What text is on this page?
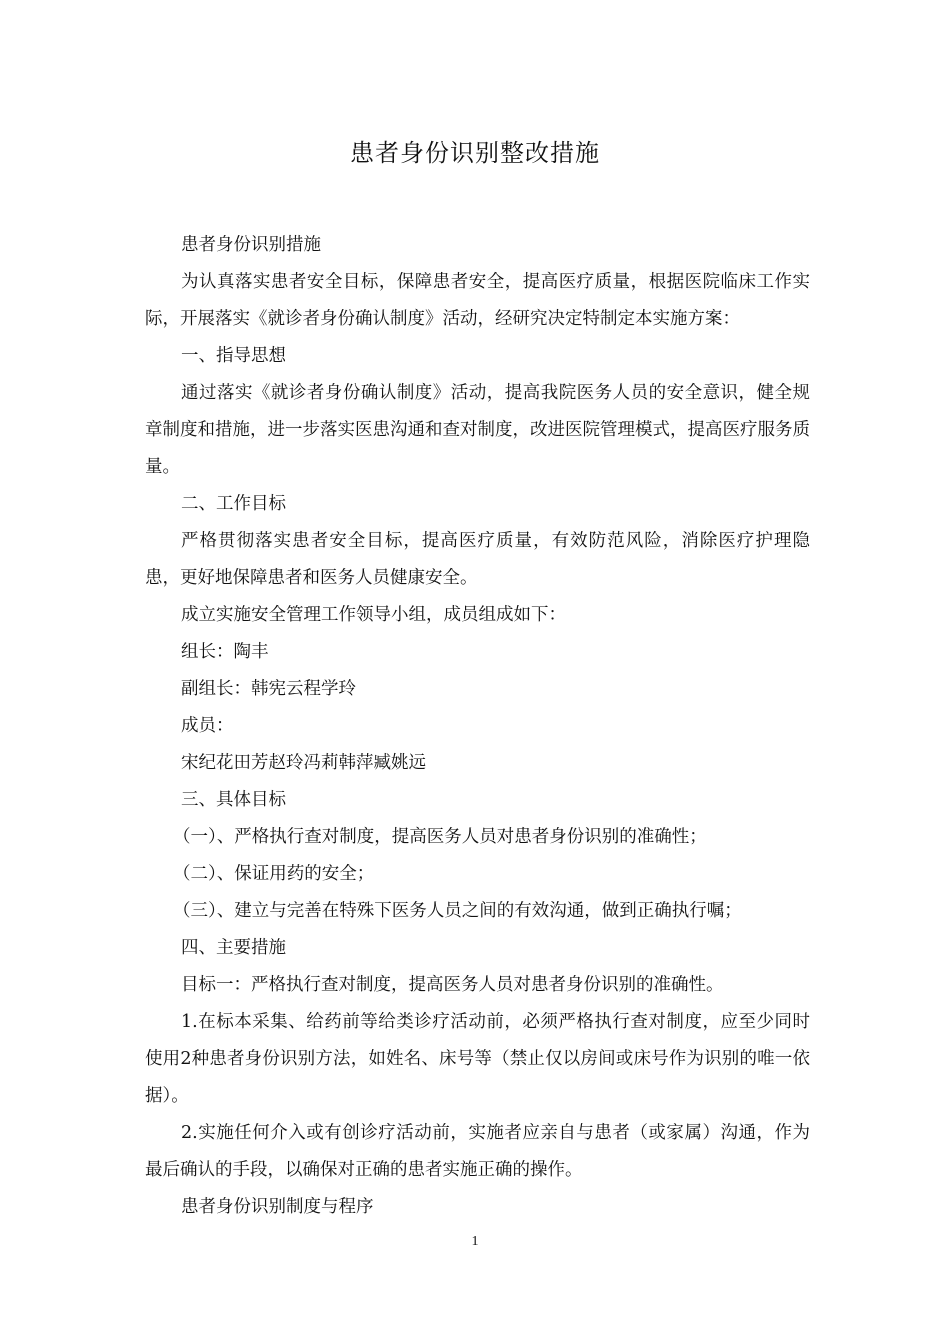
患者身份识别整改措施

患者身份识别措施

为认真落实患者安全目标，保障患者安全，提高医疗质量，根据医院临床工作实际，开展落实《就诊者身份确认制度》活动，经研究决定特制定本实施方案：

一、指导思想

通过落实《就诊者身份确认制度》活动，提高我院医务人员的安全意识，健全规章制度和措施，进一步落实医患沟通和查对制度，改进医院管理模式，提高医疗服务质量。

二、工作目标

严格贯彻落实患者安全目标，提高医疗质量，有效防范风险，消除医疗护理隐患，更好地保障患者和医务人员健康安全。

成立实施安全管理工作领导小组，成员组成如下：

组长：陶丰

副组长：韩宪云程学玲

成员：

宋纪花田芳赵玲冯莉韩萍臧姚远

三、具体目标

（一）、严格执行查对制度，提高医务人员对患者身份识别的准确性；

（二）、保证用药的安全；

（三）、建立与完善在特殊下医务人员之间的有效沟通，做到正确执行嘱；

四、主要措施

目标一：严格执行查对制度，提高医务人员对患者身份识别的准确性。

1.在标本采集、给药前等给类诊疗活动前，必须严格执行查对制度，应至少同时使用2种患者身份识别方法，如姓名、床号等（禁止仅以房间或床号作为识别的唯一依据）。

2.实施任何介入或有创诊疗活动前，实施者应亲自与患者（或家属）沟通，作为最后确认的手段，以确保对正确的患者实施正确的操作。

患者身份识别制度与程序

1
